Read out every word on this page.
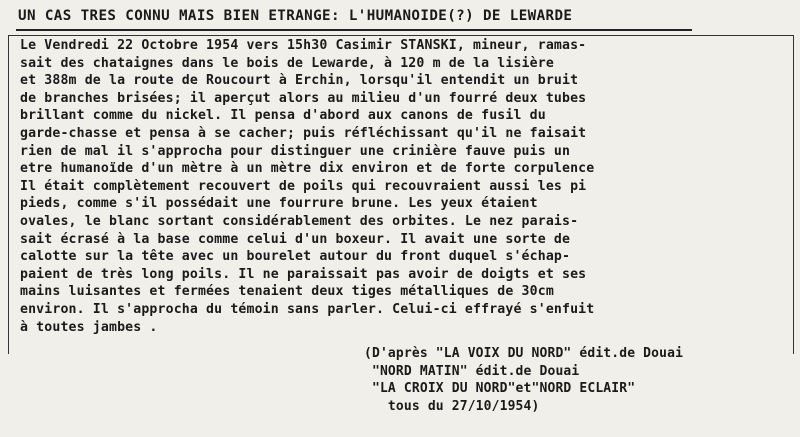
UN CAS TRES CONNU MAIS BIEN ETRANGE: L'HUMANOIDE(?) DE LEWARDE
Le Vendredi 22 Octobre 1954 vers 15h30 Casimir STANSKI, mineur, ramas-
sait des chataignes dans le bois de Lewarde, à 120 m de la lisière
et 388m de la route de Roucourt à Erchin, lorsqu'il entendit un bruit
de branches brisées; il aperçut alors au milieu d'un fourré deux tubes
brillant comme du nickel. Il pensa d'abord aux canons de fusil du
garde-chasse et pensa à se cacher; puis réfléchissant qu'il ne faisait
rien de mal il s'approcha pour distinguer une crinière fauve puis un
etre humanoïde d'un mètre à un mètre dix environ et de forte corpulence
Il était complètement recouvert de poils qui recouvraient aussi les pi
pieds, comme s'il possédait une fourrure brune. Les yeux étaient
ovales, le blanc sortant considérablement des orbites. Le nez parais-
sait écrasé à la base comme celui d'un boxeur. Il avait une sorte de
calotte sur la tête avec un bourelet autour du front duquel s'échap-
paient de très long poils. Il ne paraissait pas avoir de doigts et ses
mains luisantes et fermées tenaient deux tiges métalliques de 30cm
environ. Il s'approcha du témoin sans parler. Celui-ci effrayé s'enfuit
à toutes jambes .
(D'après "LA VOIX DU NORD" édit.de Douai
"NORD MATIN" édit.de Douai
"LA CROIX DU NORD"et"NORD ECLAIR"
tous du 27/10/1954)
